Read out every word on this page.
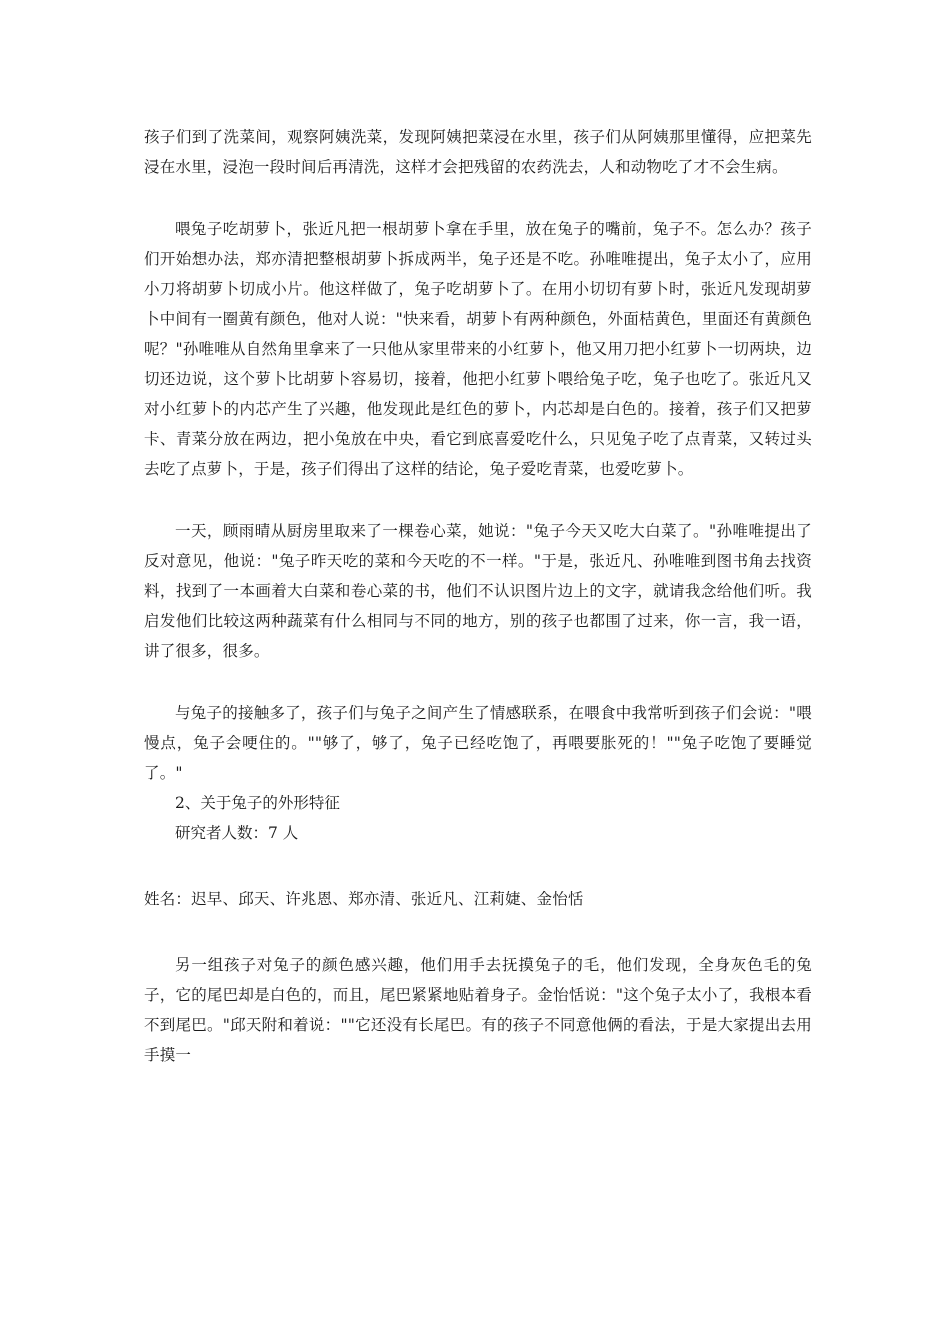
孩子们到了洗菜间，观察阿姨洗菜，发现阿姨把菜浸在水里，孩子们从阿姨那里懂得，应把菜先浸在水里，浸泡一段时间后再清洗，这样才会把残留的农药洗去，人和动物吃了才不会生病。

喂兔子吃胡萝卜，张近凡把一根胡萝卜拿在手里，放在兔子的嘴前，兔子不。怎么办？孩子们开始想办法，郑亦清把整根胡萝卜拆成两半，兔子还是不吃。孙唯唯提出，兔子太小了，应用小刀将胡萝卜切成小片。他这样做了，兔子吃胡萝卜了。在用小切切有萝卜时，张近凡发现胡萝卜中间有一圈黄有颜色，他对人说："快来看，胡萝卜有两种颜色，外面桔黄色，里面还有黄颜色呢？"孙唯唯从自然角里拿来了一只他从家里带来的小红萝卜，他又用刀把小红萝卜一切两块，边切还边说，这个萝卜比胡萝卜容易切，接着，他把小红萝卜喂给兔子吃，兔子也吃了。张近凡又对小红萝卜的内芯产生了兴趣，他发现此是红色的萝卜，内芯却是白色的。接着，孩子们又把萝卡、青菜分放在两边，把小兔放在中央，看它到底喜爱吃什么，只见兔子吃了点青菜，又转过头去吃了点萝卜，于是，孩子们得出了这样的结论，兔子爱吃青菜，也爱吃萝卜。

一天，顾雨晴从厨房里取来了一棵卷心菜，她说："兔子今天又吃大白菜了。"孙唯唯提出了反对意见，他说："兔子昨天吃的菜和今天吃的不一样。"于是，张近凡、孙唯唯到图书角去找资料，找到了一本画着大白菜和卷心菜的书，他们不认识图片边上的文字，就请我念给他们听。我启发他们比较这两种蔬菜有什么相同与不同的地方，别的孩子也都围了过来，你一言，我一语，讲了很多，很多。

与兔子的接触多了，孩子们与兔子之间产生了情感联系，在喂食中我常听到孩子们会说："喂慢点，兔子会哽住的。""够了，够了，兔子已经吃饱了，再喂要胀死的！""兔子吃饱了要睡觉了。"

2、关于兔子的外形特征

研究者人数：7 人

姓名：迟早、邱天、许兆恩、郑亦清、张近凡、江莉婕、金怡恬

另一组孩子对兔子的颜色感兴趣，他们用手去抚摸兔子的毛，他们发现，全身灰色毛的兔子，它的尾巴却是白色的，而且，尾巴紧紧地贴着身子。金怡恬说："这个兔子太小了，我根本看不到尾巴。"邱天附和着说：""它还没有长尾巴。有的孩子不同意他俩的看法，于是大家提出去用手摸一
